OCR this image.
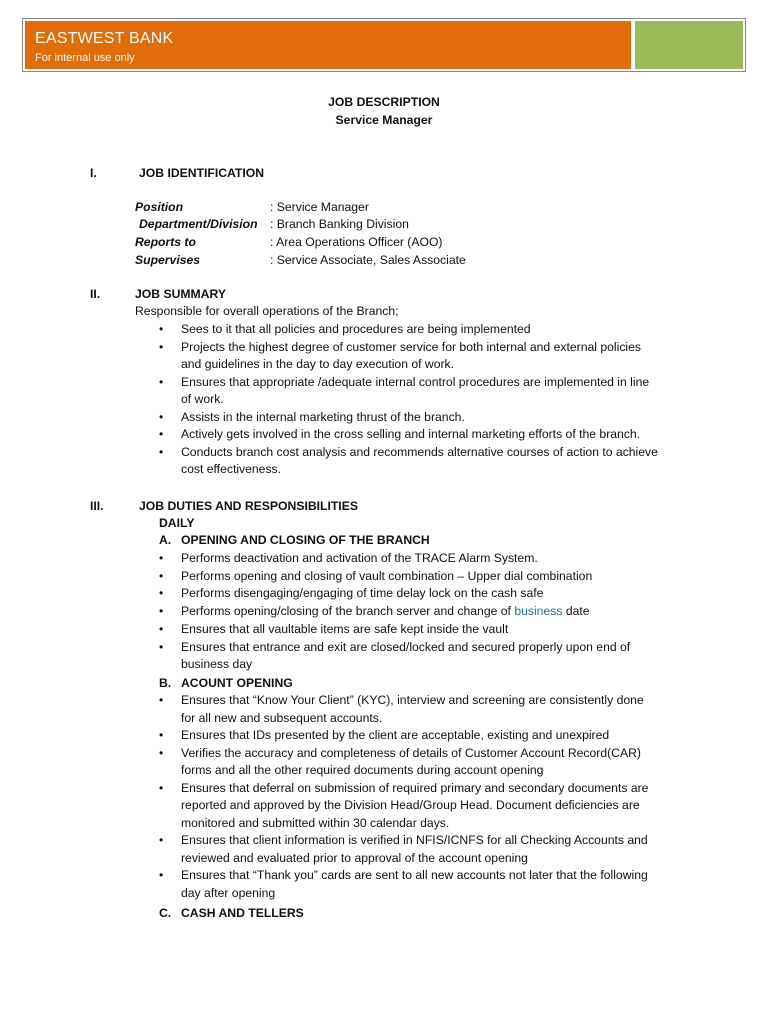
EASTWEST BANK
For internal use only
JOB DESCRIPTION
Service Manager
I.	JOB IDENTIFICATION
Position	: Service Manager
Department/Division : Branch Banking Division
Reports to	: Area Operations Officer (AOO)
Supervises	: Service Associate, Sales Associate
II.	JOB SUMMARY
Responsible for overall operations of the Branch;
• Sees to it that all policies and procedures are being implemented
• Projects the highest degree of customer service for both internal and external policies
and guidelines in the day to day execution of work.
• Ensures that appropriate /adequate internal control procedures are implemented in line
of work.
• Assists in the internal marketing thrust of the branch.
• Actively gets involved in the cross selling and internal marketing efforts of the branch.
• Conducts branch cost analysis and recommends alternative courses of action to achieve
cost effectiveness.
III.	JOB DUTIES AND RESPONSIBILITIES
DAILY
A. OPENING AND CLOSING OF THE BRANCH
• Performs deactivation and activation of the TRACE Alarm System.
• Performs opening and closing of vault combination – Upper dial combination
• Performs disengaging/engaging of time delay lock on the cash safe
• Performs opening/closing of the branch server and change of business date
• Ensures that all vaultable items are safe kept inside the vault
• Ensures that entrance and exit are closed/locked and secured properly upon end of
business day
B. ACOUNT OPENING
• Ensures that “Know Your Client” (KYC), interview and screening are consistently done
for all new and subsequent accounts.
• Ensures that IDs presented by the client are acceptable, existing and unexpired
• Verifies the accuracy and completeness of details of Customer Account Record(CAR)
forms and all the other required documents during account opening
• Ensures that deferral on submission of required primary and secondary documents are
reported and approved by the Division Head/Group Head. Document deficiencies are
monitored and submitted within 30 calendar days.
• Ensures that client information is verified in NFIS/ICNFS for all Checking Accounts and
reviewed and evaluated prior to approval of the account opening
• Ensures that “Thank you” cards are sent to all new accounts not later that the following
day after opening
C. CASH AND TELLERS
